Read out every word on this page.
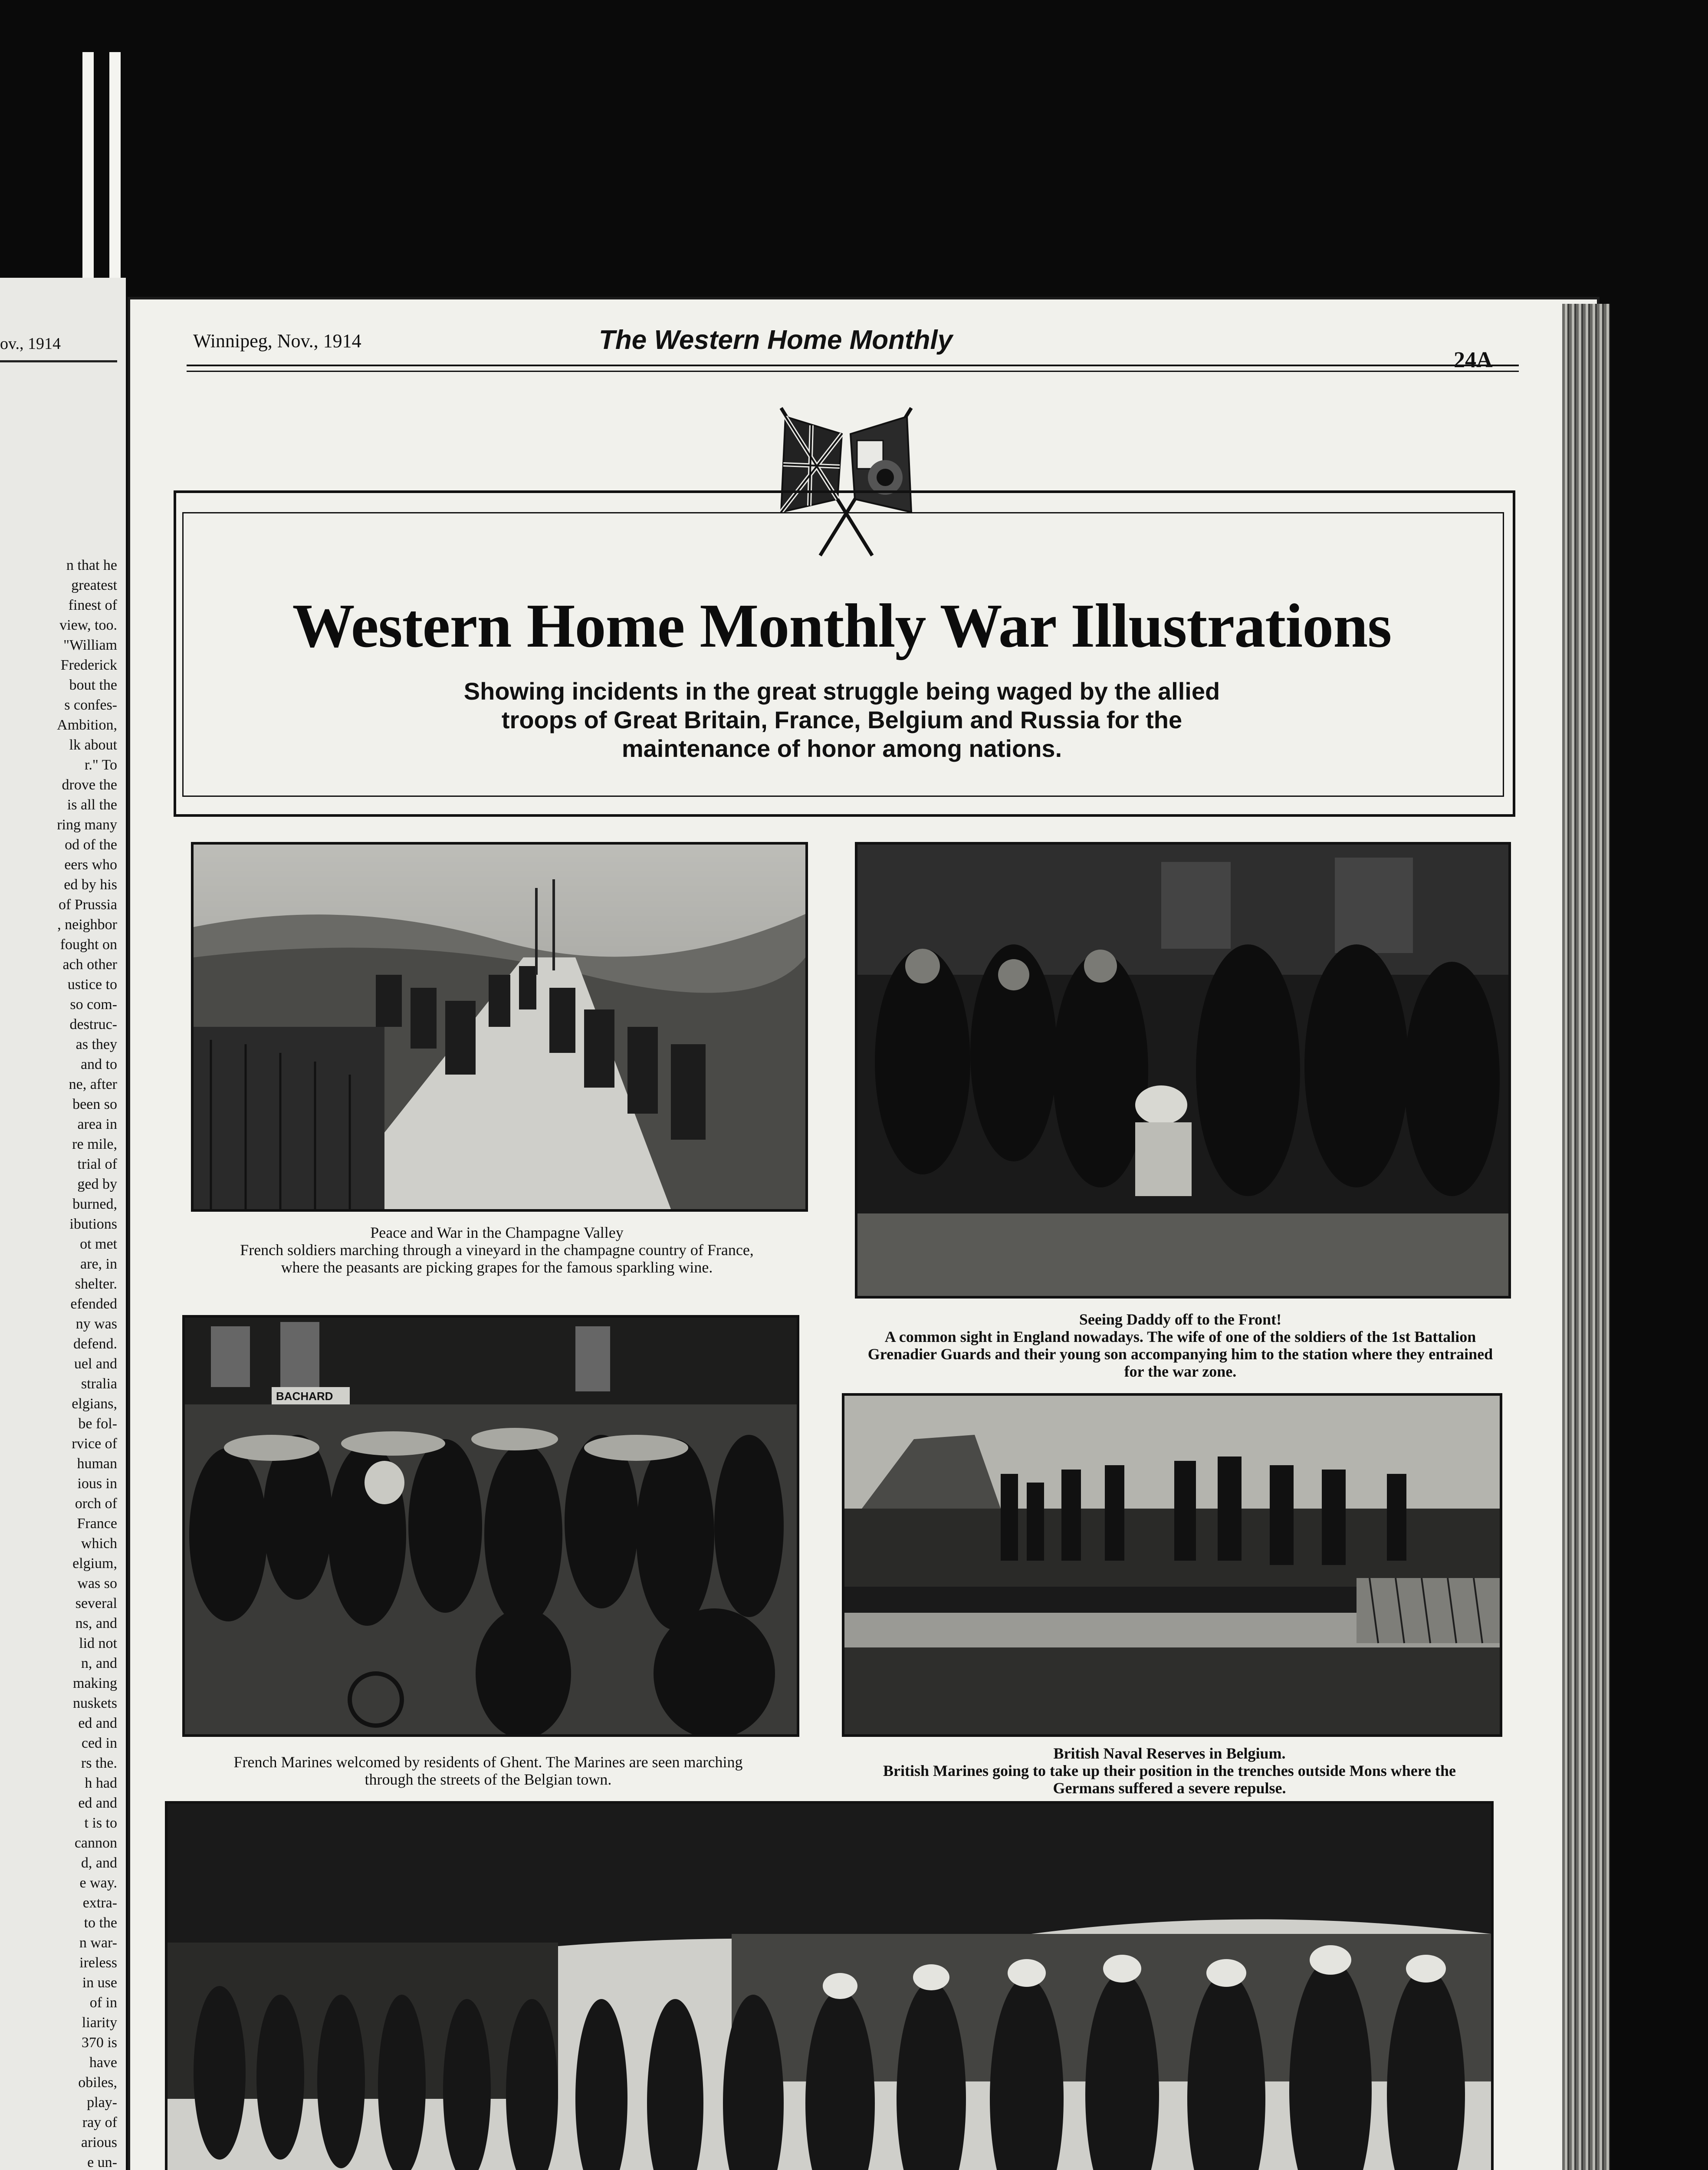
ov., 1914
n that he
greatest
finest of
view, too.
"William
Frederick
bout the
s confes-
Ambition,
lk about
r." To
drove the
is all the
ring many
od of the
eers who
ed by his
of Prussia
, neighbor
fought on
ach other
ustice to
so com-
destruc-
as they
and to
ne, after
been so
area in
re mile,
trial of
ged by
burned,
ibutions
ot met
are, in
shelter.
efended
ny was
defend.
uel and
stralia
elgians,
be fol-
rvice of
human
ious in
orch of
France
which
elgium,
was so
several
ns, and
lid not
n, and
making
nuskets
ed and
ced in
rs the.
h had
ed and
t is to
cannon
d, and
e way.
extra-
to the
n war-
ireless
in use
of in
liarity
370 is
have
obiles,
play-
ray of
arious
e un-
Winnipeg, Nov., 1914	The Western Home Monthly
24A
Western Home Monthly War Illustrations
Showing incidents in the great struggle being waged by the allied
troops of Great Britain, France, Belgium and Russia for the
maintenance of honor among nations.
Peace and War in the Champagne Valley
French soldiers marching through a vineyard in the champagne country of France,
where the peasants are picking grapes for the famous sparkling wine.
Seeing Daddy off to the Front!
A common sight in England nowadays. The wife of one of the soldiers of the 1st Battalion
Grenadier Guards and their young son accompanying him to the station where they entrained
for the war zone.
BACHARD
French Marines welcomed by residents of Ghent. The Marines are seen marching
through the streets of the Belgian town.
British Naval Reserves in Belgium.
British Marines going to take up their position in the trenches outside Mons where the
Germans suffered a severe repulse.
